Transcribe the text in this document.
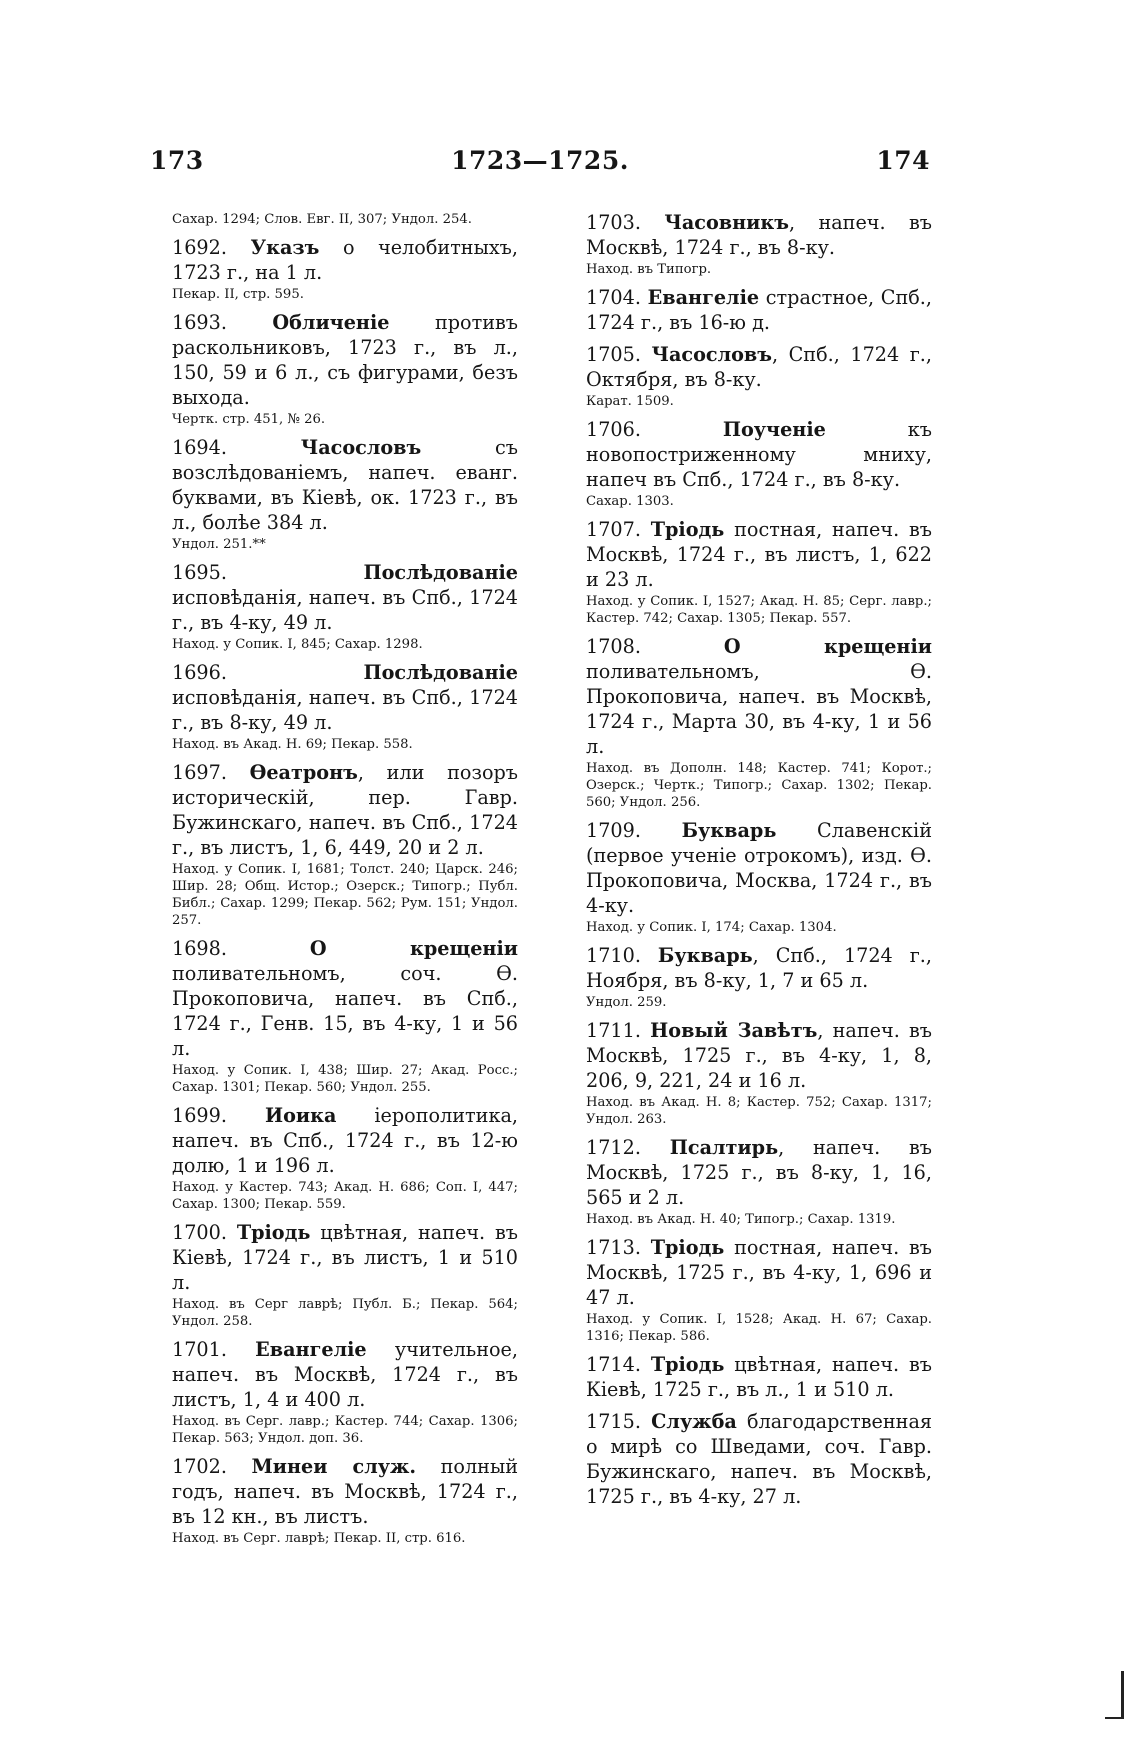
173	1723—1725.	174
Сахар. 1294; Слов. Евг. II, 307; Ундол. 254.
1692. Указъ о челобитныхъ, 1723 г., на 1 л.
Пекар. II, стр. 595.
1693. Обличеніе противъ раскольниковъ, 1723 г., въ л., 150, 59 и 6 л., съ фигурами, безъ выхода.
Чертк. стр. 451, № 26.
1694.	Часословъ съ возслѣдованіемъ, напеч. еванг. буквами, въ Кіевѣ, ок. 1723 г., въ л., болѣе 384 л.
Ундол. 251.**
1695.	Послѣдованіе исповѣданія, напеч. въ Спб., 1724 г., въ 4-ку, 49 л.
Наход. у Сопик. I, 845; Сахар. 1298.
1696.	Послѣдованіе исповѣданія, напеч. въ Спб., 1724 г., въ 8-ку, 49 л.
Наход. въ Акад. Н. 69; Пекар. 558.
1697. Өеатронъ, или позоръ историческій, пер. Гавр. Бужинскаго, напеч. въ Спб., 1724 г., въ листъ, 1, 6, 449, 20 и 2 л.
Наход. у Сопик. I, 1681; Толст. 240; Царск. 246; Шир. 28; Общ. Истор.; Озерск.; Типогр.; Публ. Библ.; Сахар. 1299; Пекар. 562; Рум. 151; Ундол. 257.
1698.	О крещеніи поливательномъ, соч. Ѳ. Прокоповича, напеч. въ Спб., 1724 г., Генв. 15, въ 4-ку, 1 и 56 л.
Наход. у Сопик. I, 438; Шир. 27; Акад. Росс.; Сахар. 1301; Пекар. 560; Ундол. 255.
1699. Иоика іерополитика, напеч. въ Спб., 1724 г., въ 12-ю долю, 1 и 196 л.
Наход. у Кастер. 743; Акад. Н. 686; Соп. I, 447; Сахар. 1300; Пекар. 559.
1700. Тріодь цвѣтная, напеч. въ Кіевѣ, 1724 г., въ листъ, 1 и 510 л.
Наход. въ Серг лаврѣ; Публ. Б.; Пекар. 564; Ундол. 258.
1701. Евангеліе учительное, напеч. въ Москвѣ, 1724 г., въ листъ, 1, 4 и 400 л.
Наход. въ Серг. лавр.; Кастер. 744; Сахар. 1306; Пекар. 563; Ундол. доп. 36.
1702. Минеи служ. полный годъ, напеч. въ Москвѣ, 1724 г., въ 12 кн., въ листъ.
Наход. въ Серг. лаврѣ; Пекар. II, стр. 616.
1703. Часовникъ, напеч. въ Москвѣ, 1724 г., въ 8-ку.
Наход. въ Типогр.
1704. Евангеліе страстное, Спб., 1724 г., въ 16-ю д.
1705. Часословъ, Спб., 1724 г., Октября, въ 8-ку.
Карат. 1509.
1706.	Поученіе къ новопостриженному мниху, напеч въ Спб., 1724 г., въ 8-ку.
Сахар. 1303.
1707. Тріодь постная, напеч. въ Москвѣ, 1724 г., въ листъ, 1, 622 и 23 л.
Наход. у Сопик. I, 1527; Акад. Н. 85; Серг. лавр.; Кастер. 742; Сахар. 1305; Пекар. 557.
1708.	О крещеніи поливательномъ, Ѳ. Прокоповича, напеч. въ Москвѣ, 1724 г., Марта 30, въ 4-ку, 1 и 56 л.
Наход. въ Дополн. 148; Кастер. 741; Корот.; Озерск.; Чертк.; Типогр.; Сахар. 1302; Пекар. 560; Ундол. 256.
1709. Букварь Славенскій (первое ученіе отрокомъ), изд. Ѳ. Прокоповича, Москва, 1724 г., въ 4-ку.
Наход. у Сопик. I, 174; Сахар. 1304.
1710. Букварь, Спб., 1724 г., Ноября, въ 8-ку, 1, 7 и 65 л.
Ундол. 259.
1711. Новый Завѣтъ, напеч. въ Москвѣ, 1725 г., въ 4-ку, 1, 8, 206, 9, 221, 24 и 16 л.
Наход. въ Акад. Н. 8; Кастер. 752; Сахар. 1317; Ундол. 263.
1712. Псалтирь, напеч. въ Москвѣ, 1725 г., въ 8-ку, 1, 16, 565 и 2 л.
Наход. въ Акад. Н. 40; Типогр.; Сахар. 1319.
1713. Тріодь постная, напеч. въ Москвѣ, 1725 г., въ 4-ку, 1, 696 и 47 л.
Наход. у Сопик. I, 1528; Акад. Н. 67; Сахар. 1316; Пекар. 586.
1714. Тріодь цвѣтная, напеч. въ Кіевѣ, 1725 г., въ л., 1 и 510 л.
1715. Служба благодарственная о мирѣ со Шведами, соч. Гавр. Бужинскаго, напеч. въ Москвѣ, 1725 г., въ 4-ку, 27 л.
